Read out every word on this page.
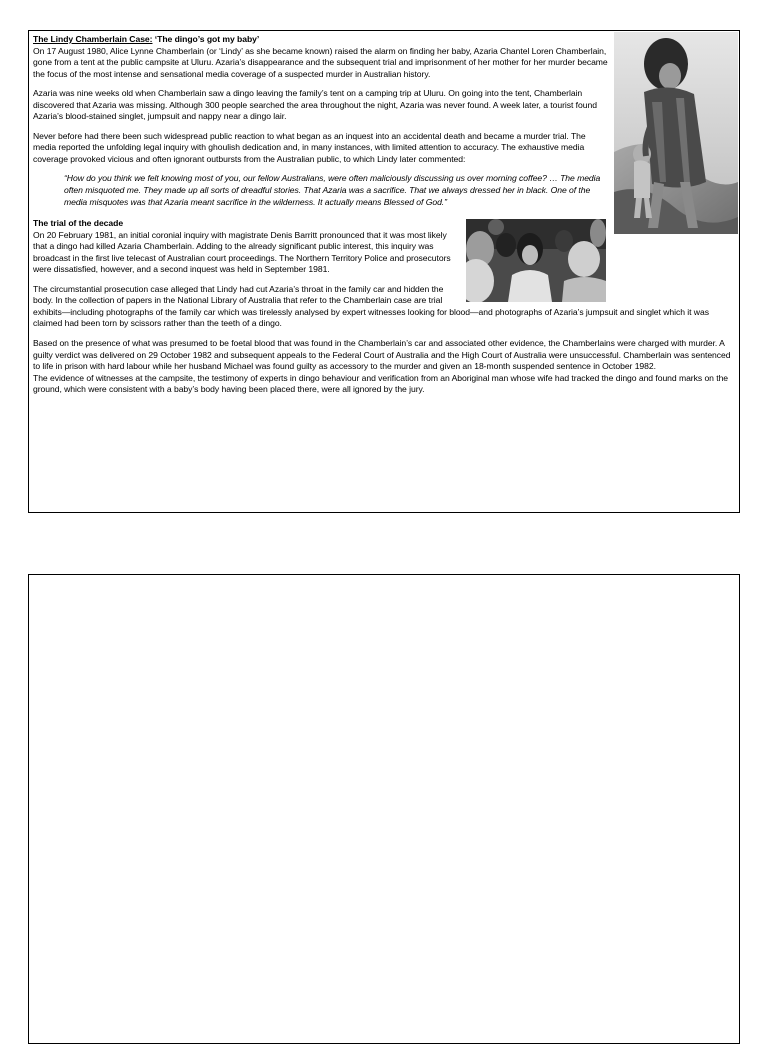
The Lindy Chamberlain Case: ‘The dingo’s got my baby’

On 17 August 1980, Alice Lynne Chamberlain (or ‘Lindy’ as she became known) raised the alarm on finding her baby, Azaria Chantel Loren Chamberlain, gone from a tent at the public campsite at Uluru. Azaria’s disappearance and the subsequent trial and imprisonment of her mother for her murder became the focus of the most intense and sensational media coverage of a suspected murder in Australian history.

Azaria was nine weeks old when Chamberlain saw a dingo leaving the family’s tent on a camping trip at Uluru. On going into the tent, Chamberlain discovered that Azaria was missing. Although 300 people searched the area throughout the night, Azaria was never found. A week later, a tourist found Azaria’s blood-stained singlet, jumpsuit and nappy near a dingo lair.

Never before had there been such widespread public reaction to what began as an inquest into an accidental death and became a murder trial. The media reported the unfolding legal inquiry with ghoulish dedication and, in many instances, with limited attention to accuracy. The exhaustive media coverage provoked vicious and often ignorant outbursts from the Australian public, to which Lindy later commented:

“How do you think we felt knowing most of you, our fellow Australians, were often maliciously discussing us over morning coffee? … The media often misquoted me. They made up all sorts of dreadful stories. That Azaria was a sacrifice. That we always dressed her in black. One of the media misquotes was that Azaria meant sacrifice in the wilderness. It actually means Blessed of God.”

The trial of the decade

On 20 February 1981, an initial coronial inquiry with magistrate Denis Barritt pronounced that it was most likely that a dingo had killed Azaria Chamberlain. Adding to the already significant public interest, this inquiry was broadcast in the first live telecast of Australian court proceedings. The Northern Territory Police and prosecutors were dissatisfied, however, and a second inquest was held in September 1981.

The circumstantial prosecution case alleged that Lindy had cut Azaria’s throat in the family car and hidden the body. In the collection of papers in the National Library of Australia that refer to the Chamberlain case are trial exhibits—including photographs of the family car which was tirelessly analysed by expert witnesses looking for blood—and photographs of Azaria’s jumpsuit and singlet which it was claimed had been torn by scissors rather than the teeth of a dingo.

Based on the presence of what was presumed to be foetal blood that was found in the Chamberlain’s car and associated other evidence, the Chamberlains were charged with murder. A guilty verdict was delivered on 29 October 1982 and subsequent appeals to the Federal Court of Australia and the High Court of Australia were unsuccessful. Chamberlain was sentenced to life in prison with hard labour while her husband Michael was found guilty as accessory to the murder and given an 18-month suspended sentence in October 1982.

The evidence of witnesses at the campsite, the testimony of experts in dingo behaviour and verification from an Aboriginal man whose wife had tracked the dingo and found marks on the ground, which were consistent with a baby’s body having been placed there, were all ignored by the jury.
